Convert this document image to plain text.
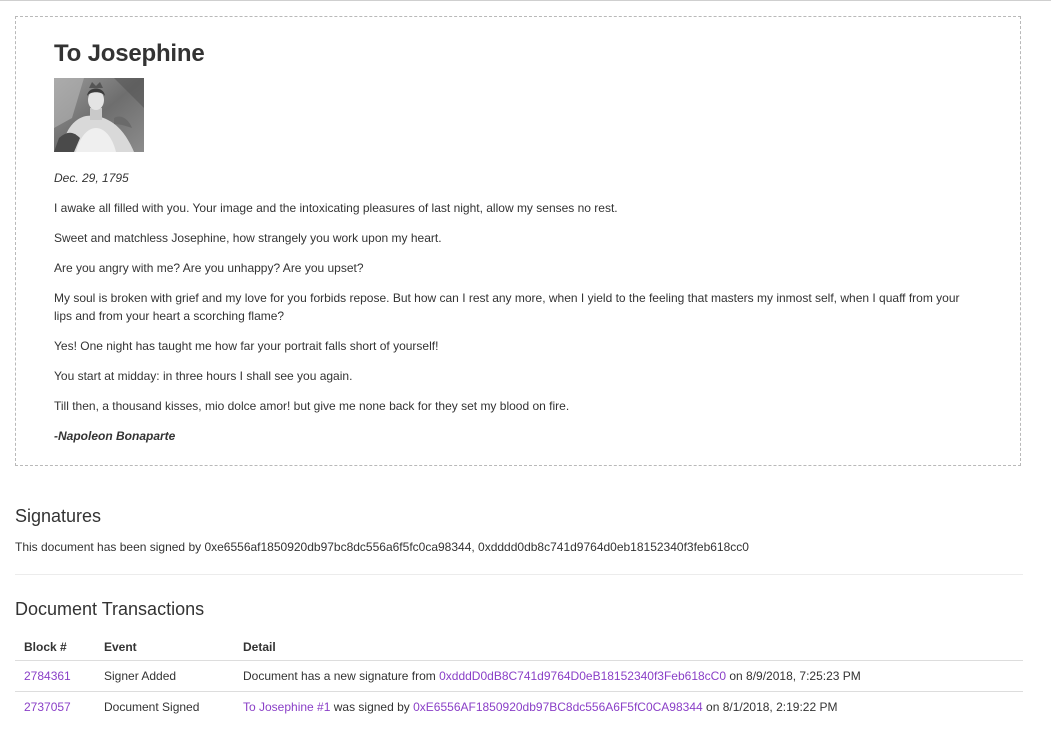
To Josephine

Dec. 29, 1795

I awake all filled with you. Your image and the intoxicating pleasures of last night, allow my senses no rest.

Sweet and matchless Josephine, how strangely you work upon my heart.

Are you angry with me? Are you unhappy? Are you upset?

My soul is broken with grief and my love for you forbids repose. But how can I rest any more, when I yield to the feeling that masters my inmost self, when I quaff from your lips and from your heart a scorching flame?

Yes! One night has taught me how far your portrait falls short of yourself!

You start at midday: in three hours I shall see you again.

Till then, a thousand kisses, mio dolce amor! but give me none back for they set my blood on fire.

-Napoleon Bonaparte

Signatures
This document has been signed by 0xe6556af1850920db97bc8dc556a6f5fc0ca98344, 0xdddd0db8c741d9764d0eb18152340f3feb618cc0
Document Transactions
Block #	Event	Detail
2784361	Signer Added	Document has a new signature from 0xdddD0dB8C741d9764D0eB18152340f3Feb618cC0 on 8/9/2018, 7:25:23 PM
2737057	Document Signed	To Josephine #1 was signed by 0xE6556AF1850920db97BC8dc556A6F5fC0CA98344 on 8/1/2018, 2:19:22 PM
